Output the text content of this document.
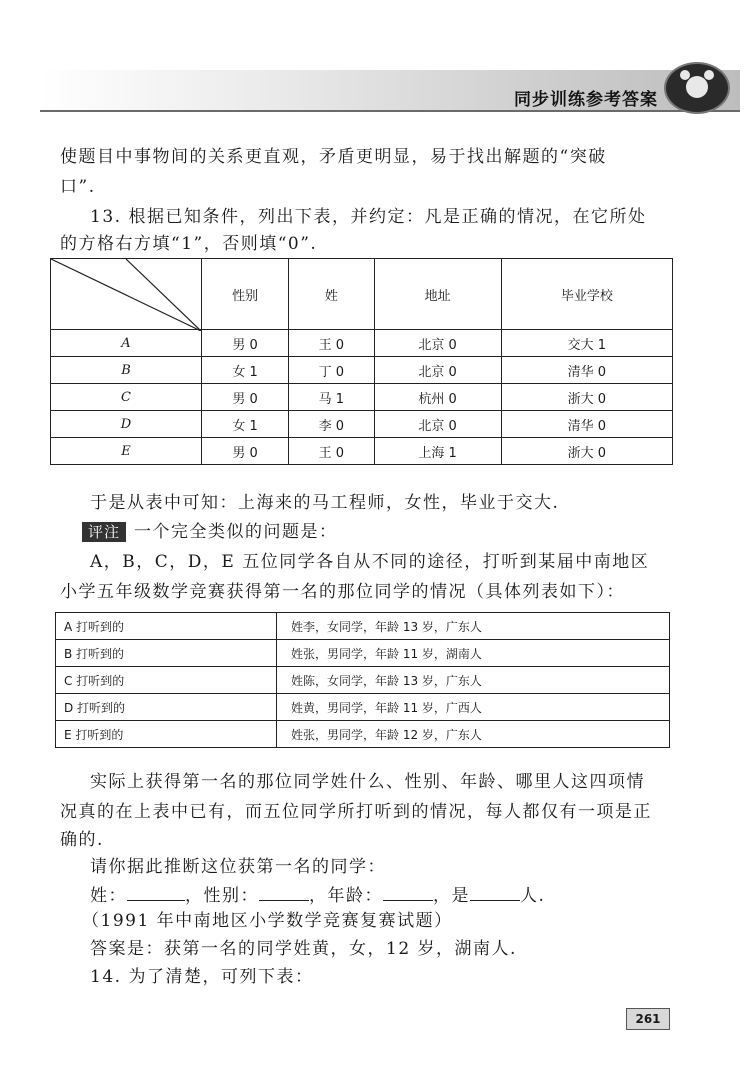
同步训练参考答案
使题目中事物间的关系更直观，矛盾更明显，易于找出解题的“突破
口”.
13. 根据已知条件，列出下表，并约定：凡是正确的情况，在它所处
的方格右方填“1”，否则填“0”.
	性别	姓	地址	毕业学校
A	男 0	王 0	北京 0	交大 1
B	女 1	丁 0	北京 0	清华 0
C	男 0	马 1	杭州 0	浙大 0
D	女 1	李 0	北京 0	清华 0
E	男 0	王 0	上海 1	浙大 0
于是从表中可知：上海来的马工程师，女性，毕业于交大.
评注 一个完全类似的问题是：
A，B，C，D，E 五位同学各自从不同的途径，打听到某届中南地区
小学五年级数学竞赛获得第一名的那位同学的情况（具体列表如下）：
A 打听到的	姓李，女同学，年龄 13 岁，广东人
B 打听到的	姓张，男同学，年龄 11 岁，湖南人
C 打听到的	姓陈，女同学，年龄 13 岁，广东人
D 打听到的	姓黄，男同学，年龄 11 岁，广西人
E 打听到的	姓张，男同学，年龄 12 岁，广东人
实际上获得第一名的那位同学姓什么、性别、年龄、哪里人这四项情
况真的在上表中已有，而五位同学所打听到的情况，每人都仅有一项是正
确的.
请你据此推断这位获第一名的同学：
姓：	，性别：	，年龄：	，是	人.
（1991 年中南地区小学数学竞赛复赛试题）
答案是：获第一名的同学姓黄，女，12 岁，湖南人.
14. 为了清楚，可列下表：
261
